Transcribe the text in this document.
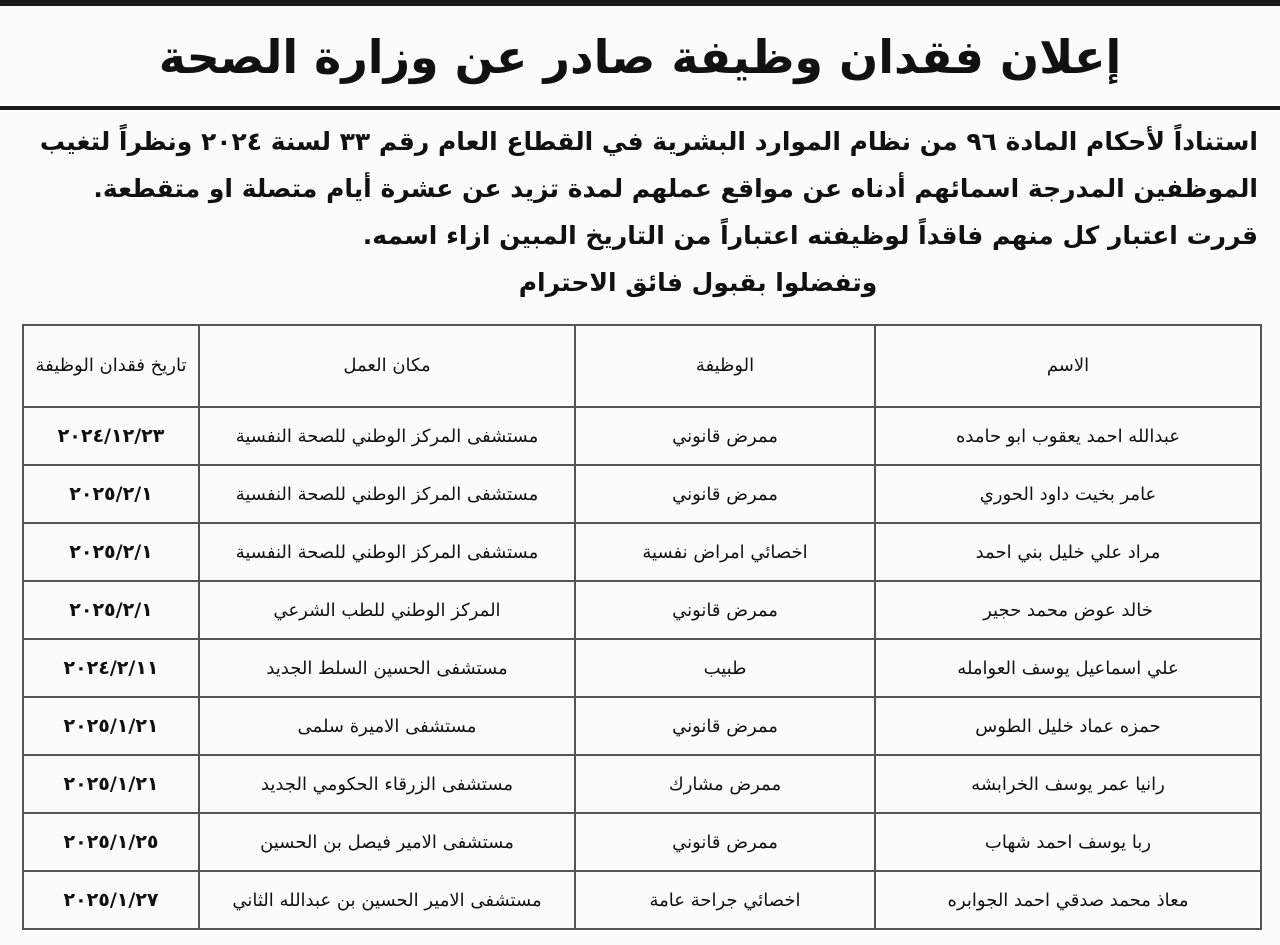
إعلان فقدان وظيفة صادر عن وزارة الصحة

استناداً لأحكام المادة ٩٦ من نظام الموارد البشرية في القطاع العام رقم ٣٣ لسنة ٢٠٢٤ ونظراً لتغيب

الموظفين المدرجة اسمائهم أدناه عن مواقع عملهم لمدة تزيد عن عشرة أيام متصلة او متقطعة.

قررت اعتبار كل منهم فاقداً لوظيفته اعتباراً من التاريخ المبين ازاء اسمه.

وتفضلوا بقبول فائق الاحترام

الاسم	الوظيفة	مكان العمل	تاريخ فقدان الوظيفة
عبدالله احمد يعقوب ابو حامده	ممرض قانوني	مستشفى المركز الوطني للصحة النفسية	٢٠٢٤/١٢/٢٣
عامر بخيت داود الحوري	ممرض قانوني	مستشفى المركز الوطني للصحة النفسية	٢٠٢٥/٢/١
مراد علي خليل بني احمد	اخصائي امراض نفسية	مستشفى المركز الوطني للصحة النفسية	٢٠٢٥/٢/١
خالد عوض محمد حجير	ممرض قانوني	المركز الوطني للطب الشرعي	٢٠٢٥/٢/١
علي اسماعيل يوسف العوامله	طبيب	مستشفى الحسين السلط الجديد	٢٠٢٤/٢/١١
حمزه عماد خليل الطوس	ممرض قانوني	مستشفى الاميرة سلمى	٢٠٢٥/١/٢١
رانيا عمر يوسف الخرابشه	ممرض مشارك	مستشفى الزرقاء الحكومي الجديد	٢٠٢٥/١/٢١
ربا يوسف احمد شهاب	ممرض قانوني	مستشفى الامير فيصل بن الحسين	٢٠٢٥/١/٢٥
معاذ محمد صدقي احمد الجوابره	اخصائي جراحة عامة	مستشفى الامير الحسين بن عبدالله الثاني	٢٠٢٥/١/٢٧
